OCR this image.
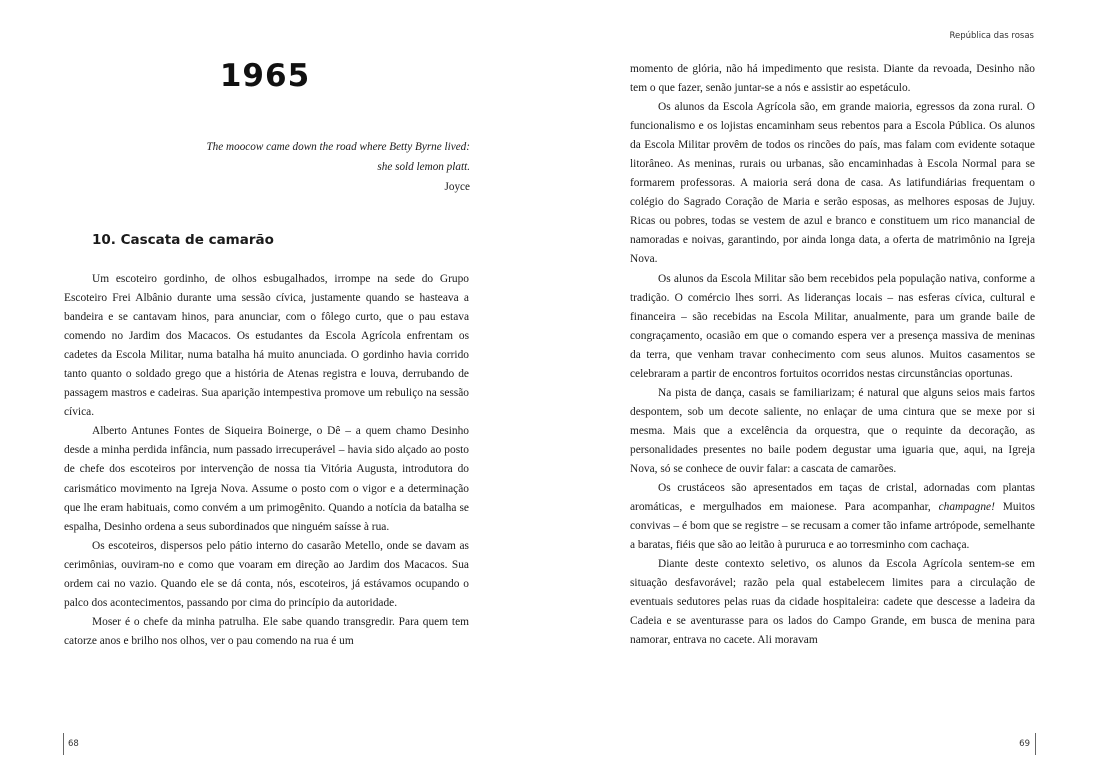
1965
The moocow came down the road where Betty Byrne lived:
she sold lemon platt.
Joyce
10. Cascata de camarão

Um escoteiro gordinho, de olhos esbugalhados, irrompe na sede do Grupo Escoteiro Frei Albânio durante uma sessão cívica, justamente quando se hasteava a bandeira e se cantavam hinos, para anunciar, com o fôlego curto, que o pau estava comendo no Jardim dos Macacos. Os estudantes da Escola Agrícola enfrentam os cadetes da Escola Militar, numa batalha há muito anunciada. O gordinho havia corrido tanto quanto o soldado grego que a história de Atenas registra e louva, derrubando de passagem mastros e cadeiras. Sua aparição intempestiva promove um rebuliço na sessão cívica.

Alberto Antunes Fontes de Siqueira Boinerge, o Dê – a quem chamo Desinho desde a minha perdida infância, num passado irrecuperável – havia sido alçado ao posto de chefe dos escoteiros por intervenção de nossa tia Vitória Augusta, introdutora do carismático movimento na Igreja Nova. Assume o posto com o vigor e a determinação que lhe eram habituais, como convém a um primogênito. Quando a notícia da batalha se espalha, Desinho ordena a seus subordinados que ninguém saísse à rua.

Os escoteiros, dispersos pelo pátio interno do casarão Metello, onde se davam as cerimônias, ouviram-no e como que voaram em direção ao Jardim dos Macacos. Sua ordem cai no vazio. Quando ele se dá conta, nós, escoteiros, já estávamos ocupando o palco dos acontecimentos, passando por cima do princípio da autoridade.

Moser é o chefe da minha patrulha. Ele sabe quando transgredir. Para quem tem catorze anos e brilho nos olhos, ver o pau comendo na rua é um

68
República das rosas

momento de glória, não há impedimento que resista. Diante da revoada, Desinho não tem o que fazer, senão juntar-se a nós e assistir ao espetáculo.

Os alunos da Escola Agrícola são, em grande maioria, egressos da zona rural. O funcionalismo e os lojistas encaminham seus rebentos para a Escola Pública. Os alunos da Escola Militar provêm de todos os rincões do país, mas falam com evidente sotaque litorâneo. As meninas, rurais ou urbanas, são encaminhadas à Escola Normal para se formarem professoras. A maioria será dona de casa. As latifundiárias frequentam o colégio do Sagrado Coração de Maria e serão esposas, as melhores esposas de Jujuy. Ricas ou pobres, todas se vestem de azul e branco e constituem um rico manancial de namoradas e noivas, garantindo, por ainda longa data, a oferta de matrimônio na Igreja Nova.

Os alunos da Escola Militar são bem recebidos pela população nativa, conforme a tradição. O comércio lhes sorri. As lideranças locais – nas esferas cívica, cultural e financeira – são recebidas na Escola Militar, anualmente, para um grande baile de congraçamento, ocasião em que o comando espera ver a presença massiva de meninas da terra, que venham travar conhecimento com seus alunos. Muitos casamentos se celebraram a partir de encontros fortuitos ocorridos nestas circunstâncias oportunas.

Na pista de dança, casais se familiarizam; é natural que alguns seios mais fartos despontem, sob um decote saliente, no enlaçar de uma cintura que se mexe por si mesma. Mais que a excelência da orquestra, que o requinte da decoração, as personalidades presentes no baile podem degustar uma iguaria que, aqui, na Igreja Nova, só se conhece de ouvir falar: a cascata de camarões.

Os crustáceos são apresentados em taças de cristal, adornadas com plantas aromáticas, e mergulhados em maionese. Para acompanhar, champagne! Muitos convivas – é bom que se registre – se recusam a comer tão infame artrópode, semelhante a baratas, fiéis que são ao leitão à pururuca e ao torresminho com cachaça.

Diante deste contexto seletivo, os alunos da Escola Agrícola sentem-se em situação desfavorável; razão pela qual estabelecem limites para a circulação de eventuais sedutores pelas ruas da cidade hospitaleira: cadete que descesse a ladeira da Cadeia e se aventurasse para os lados do Campo Grande, em busca de menina para namorar, entrava no cacete. Ali moravam

69
